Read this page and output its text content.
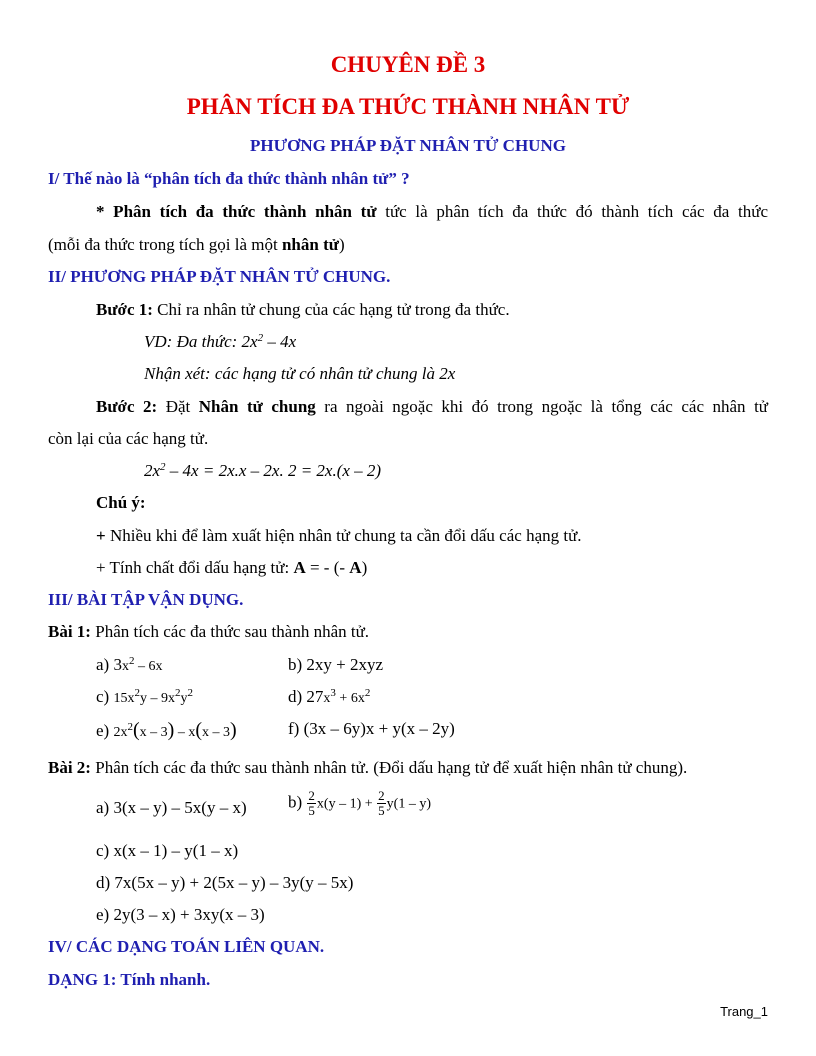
CHUYÊN ĐỀ 3
PHÂN TÍCH ĐA THỨC THÀNH NHÂN TỬ
PHƯƠNG PHÁP ĐẶT NHÂN TỬ CHUNG
I/ Thế nào là “phân tích đa thức thành nhân tử” ?
* Phân tích đa thức thành nhân tử tức là phân tích đa thức đó thành tích các đa thức
(mỗi đa thức trong tích gọi là một nhân tử)
II/ PHƯƠNG PHÁP ĐẶT NHÂN TỬ CHUNG.
Bước 1: Chỉ ra nhân tử chung của các hạng tử trong đa thức.
VD: Đa thức: $2x^2 - 4x$
Nhận xét: các hạng tử có nhân tử chung là 2x
Bước 2: Đặt Nhân tử chung ra ngoài ngoặc khi đó trong ngoặc là tổng các các nhân tử
còn lại của các hạng tử.
$2x^2 - 4x = 2x.x - 2x$. 2 = 2x.(x – 2)
Chú ý:
+ Nhiều khi để làm xuất hiện nhân tử chung ta cần đổi dấu các hạng tử.
+ Tính chất đổi dấu hạng tử: A = - (- A)
III/ BÀI TẬP VẬN DỤNG.
Bài 1: Phân tích các đa thức sau thành nhân tử.
a) $3x^2 - 6x$	b) 2xy + 2xyz
c) $15x^2y - 9x^2y^2$	d) $27x^3 + 6x^2$
e) $2x^2(x - 3) - x(x - 3)$	f) (3x – 6y)x + y(x – 2y)
Bài 2: Phân tích các đa thức sau thành nhân tử. (Đổi dấu hạng tử để xuất hiện nhân tử chung).
a) 3(x – y) – 5x(y – x)	$b) \frac{2}{5} x(y - 1) + \frac{2}{5} y(1 - y)$
c) x(x – 1) – y(1 – x)
d) 7x(5x – y) + 2(5x – y) – 3y(y – 5x)
e) 2y(3 – x) + 3xy(x – 3)
IV/ CÁC DẠNG TOÁN LIÊN QUAN.
DẠNG 1: Tính nhanh.
Trang_1
